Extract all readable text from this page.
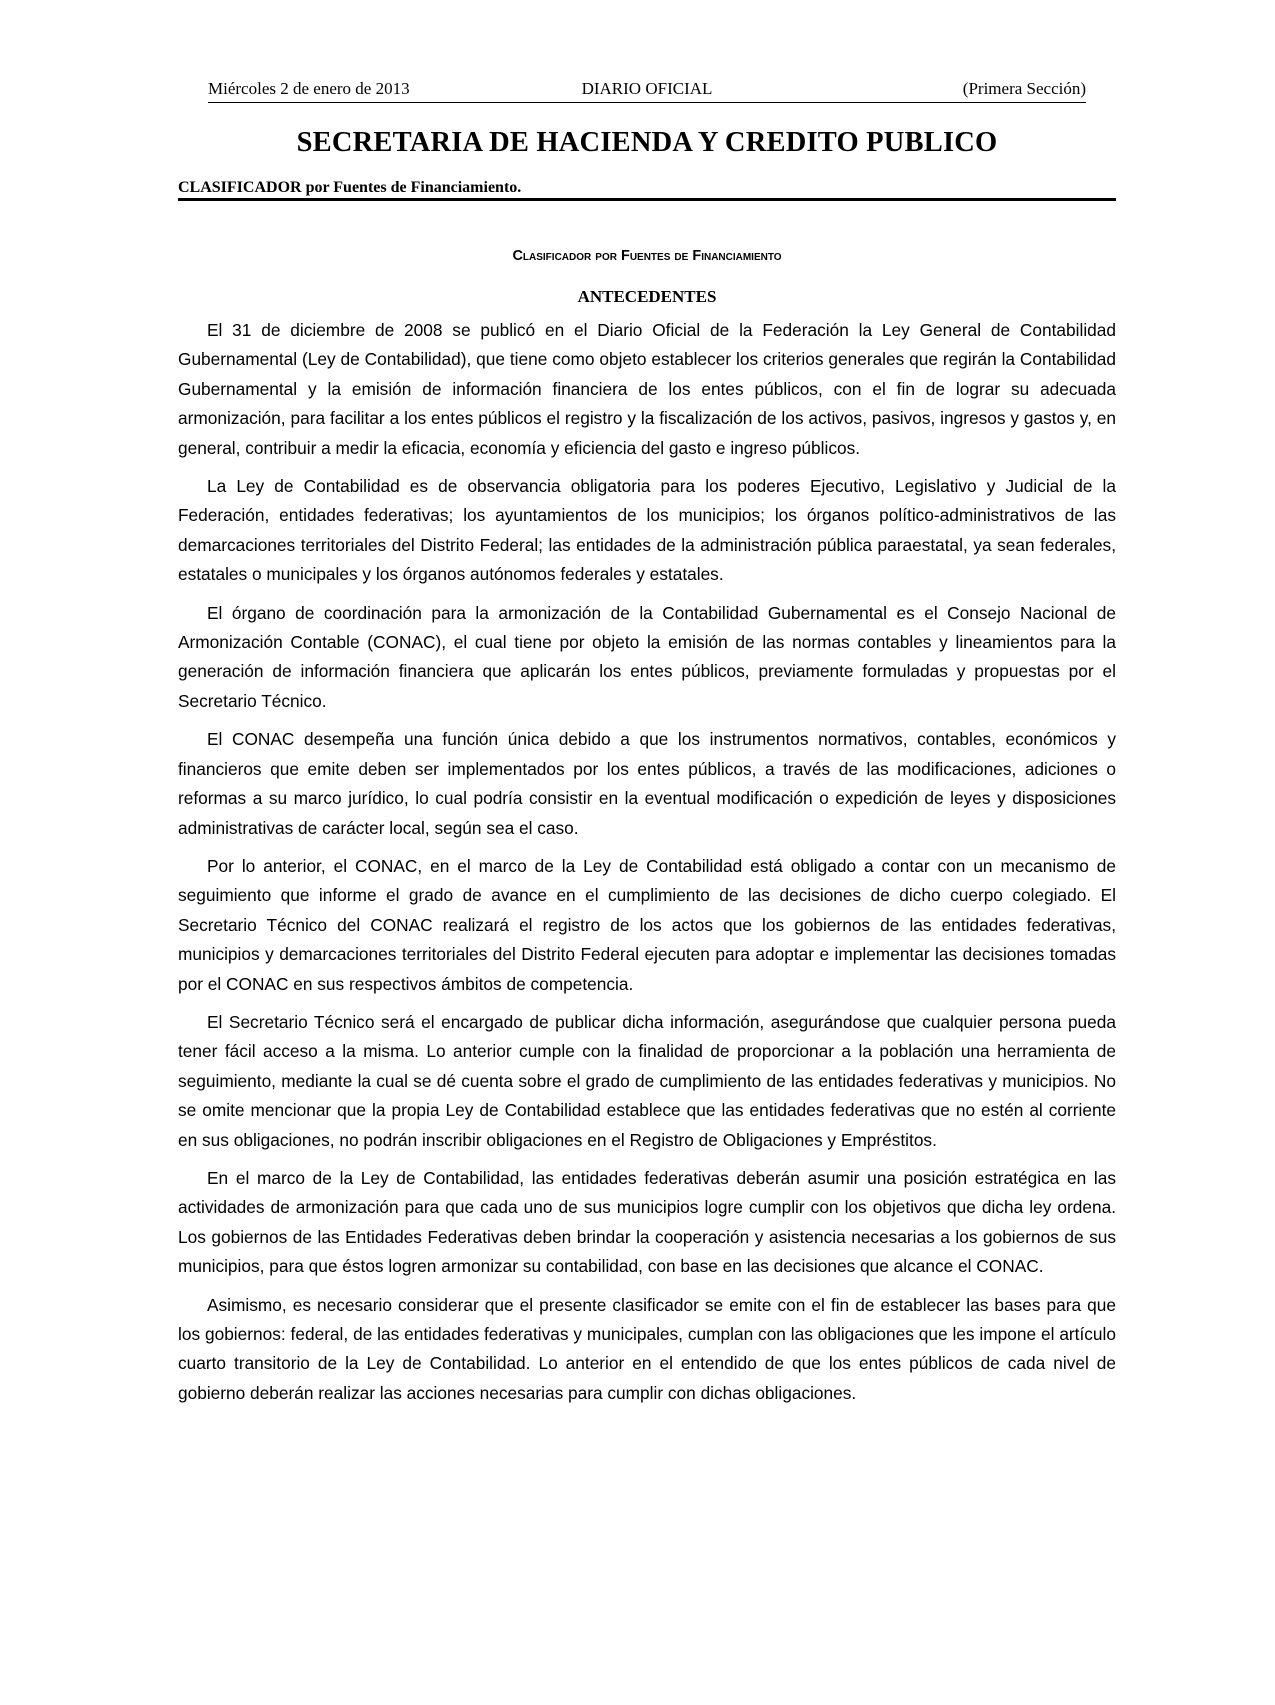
Miércoles 2 de enero de 2013	DIARIO OFICIAL	(Primera Sección)
SECRETARIA DE HACIENDA Y CREDITO PUBLICO
CLASIFICADOR por Fuentes de Financiamiento.
Clasificador por Fuentes de Financiamiento
ANTECEDENTES

El 31 de diciembre de 2008 se publicó en el Diario Oficial de la Federación la Ley General de Contabilidad Gubernamental (Ley de Contabilidad), que tiene como objeto establecer los criterios generales que regirán la Contabilidad Gubernamental y la emisión de información financiera de los entes públicos, con el fin de lograr su adecuada armonización, para facilitar a los entes públicos el registro y la fiscalización de los activos, pasivos, ingresos y gastos y, en general, contribuir a medir la eficacia, economía y eficiencia del gasto e ingreso públicos.

La Ley de Contabilidad es de observancia obligatoria para los poderes Ejecutivo, Legislativo y Judicial de la Federación, entidades federativas; los ayuntamientos de los municipios; los órganos político-administrativos de las demarcaciones territoriales del Distrito Federal; las entidades de la administración pública paraestatal, ya sean federales, estatales o municipales y los órganos autónomos federales y estatales.

El órgano de coordinación para la armonización de la Contabilidad Gubernamental es el Consejo Nacional de Armonización Contable (CONAC), el cual tiene por objeto la emisión de las normas contables y lineamientos para la generación de información financiera que aplicarán los entes públicos, previamente formuladas y propuestas por el Secretario Técnico.

El CONAC desempeña una función única debido a que los instrumentos normativos, contables, económicos y financieros que emite deben ser implementados por los entes públicos, a través de las modificaciones, adiciones o reformas a su marco jurídico, lo cual podría consistir en la eventual modificación o expedición de leyes y disposiciones administrativas de carácter local, según sea el caso.

Por lo anterior, el CONAC, en el marco de la Ley de Contabilidad está obligado a contar con un mecanismo de seguimiento que informe el grado de avance en el cumplimiento de las decisiones de dicho cuerpo colegiado. El Secretario Técnico del CONAC realizará el registro de los actos que los gobiernos de las entidades federativas, municipios y demarcaciones territoriales del Distrito Federal ejecuten para adoptar e implementar las decisiones tomadas por el CONAC en sus respectivos ámbitos de competencia.

El Secretario Técnico será el encargado de publicar dicha información, asegurándose que cualquier persona pueda tener fácil acceso a la misma. Lo anterior cumple con la finalidad de proporcionar a la población una herramienta de seguimiento, mediante la cual se dé cuenta sobre el grado de cumplimiento de las entidades federativas y municipios. No se omite mencionar que la propia Ley de Contabilidad establece que las entidades federativas que no estén al corriente en sus obligaciones, no podrán inscribir obligaciones en el Registro de Obligaciones y Empréstitos.

En el marco de la Ley de Contabilidad, las entidades federativas deberán asumir una posición estratégica en las actividades de armonización para que cada uno de sus municipios logre cumplir con los objetivos que dicha ley ordena. Los gobiernos de las Entidades Federativas deben brindar la cooperación y asistencia necesarias a los gobiernos de sus municipios, para que éstos logren armonizar su contabilidad, con base en las decisiones que alcance el CONAC.

Asimismo, es necesario considerar que el presente clasificador se emite con el fin de establecer las bases para que los gobiernos: federal, de las entidades federativas y municipales, cumplan con las obligaciones que les impone el artículo cuarto transitorio de la Ley de Contabilidad. Lo anterior en el entendido de que los entes públicos de cada nivel de gobierno deberán realizar las acciones necesarias para cumplir con dichas obligaciones.
